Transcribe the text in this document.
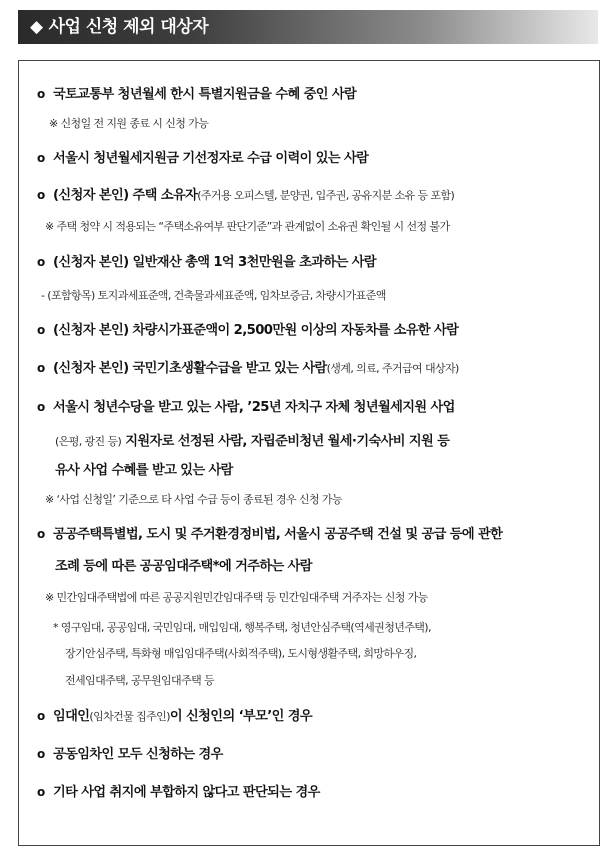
◆ 사업 신청 제외 대상자
o 국토교통부 청년월세 한시 특별지원금을 수혜 중인 사람
※ 신청일 전 지원 종료 시 신청 가능
o 서울시 청년월세지원금 기선정자로 수급 이력이 있는 사람
o (신청자 본인) 주택 소유자(주거용 오피스텔, 분양권, 입주권, 공유지분 소유 등 포함)
※ 주택 청약 시 적용되는 “주택소유여부 판단기준”과 관계없이 소유권 확인될 시 선정 불가
o (신청자 본인) 일반재산 총액 1억 3천만원을 초과하는 사람
- (포함항목) 토지과세표준액, 건축물과세표준액, 임차보증금, 차량시가표준액
o (신청자 본인) 차량시가표준액이 2,500만원 이상의 자동차를 소유한 사람
o (신청자 본인) 국민기초생활수급을 받고 있는 사람(생계, 의료, 주거급여 대상자)
o 서울시 청년수당을 받고 있는 사람, ’25년 자치구 자체 청년월세지원 사업
(은평, 광진 등) 지원자로 선정된 사람, 자립준비청년 월세·기숙사비 지원 등
유사 사업 수혜를 받고 있는 사람
※ ‘사업 신청일’ 기준으로 타 사업 수급 등이 종료된 경우 신청 가능
o 공공주택특별법, 도시 및 주거환경정비법, 서울시 공공주택 건설 및 공급 등에 관한
조례 등에 따른 공공임대주택*에 거주하는 사람
※ 민간임대주택법에 따른 공공지원민간임대주택 등 민간임대주택 거주자는 신청 가능
* 영구임대, 공공임대, 국민임대, 매입임대, 행복주택, 청년안심주택(역세권청년주택),
장기안심주택, 특화형 매입임대주택(사회적주택), 도시형생활주택, 희망하우징,
전세임대주택, 공무원임대주택 등
o 임대인(임차건물 집주인)이 신청인의 ‘부모’인 경우
o 공동임차인 모두 신청하는 경우
o 기타 사업 취지에 부합하지 않다고 판단되는 경우
